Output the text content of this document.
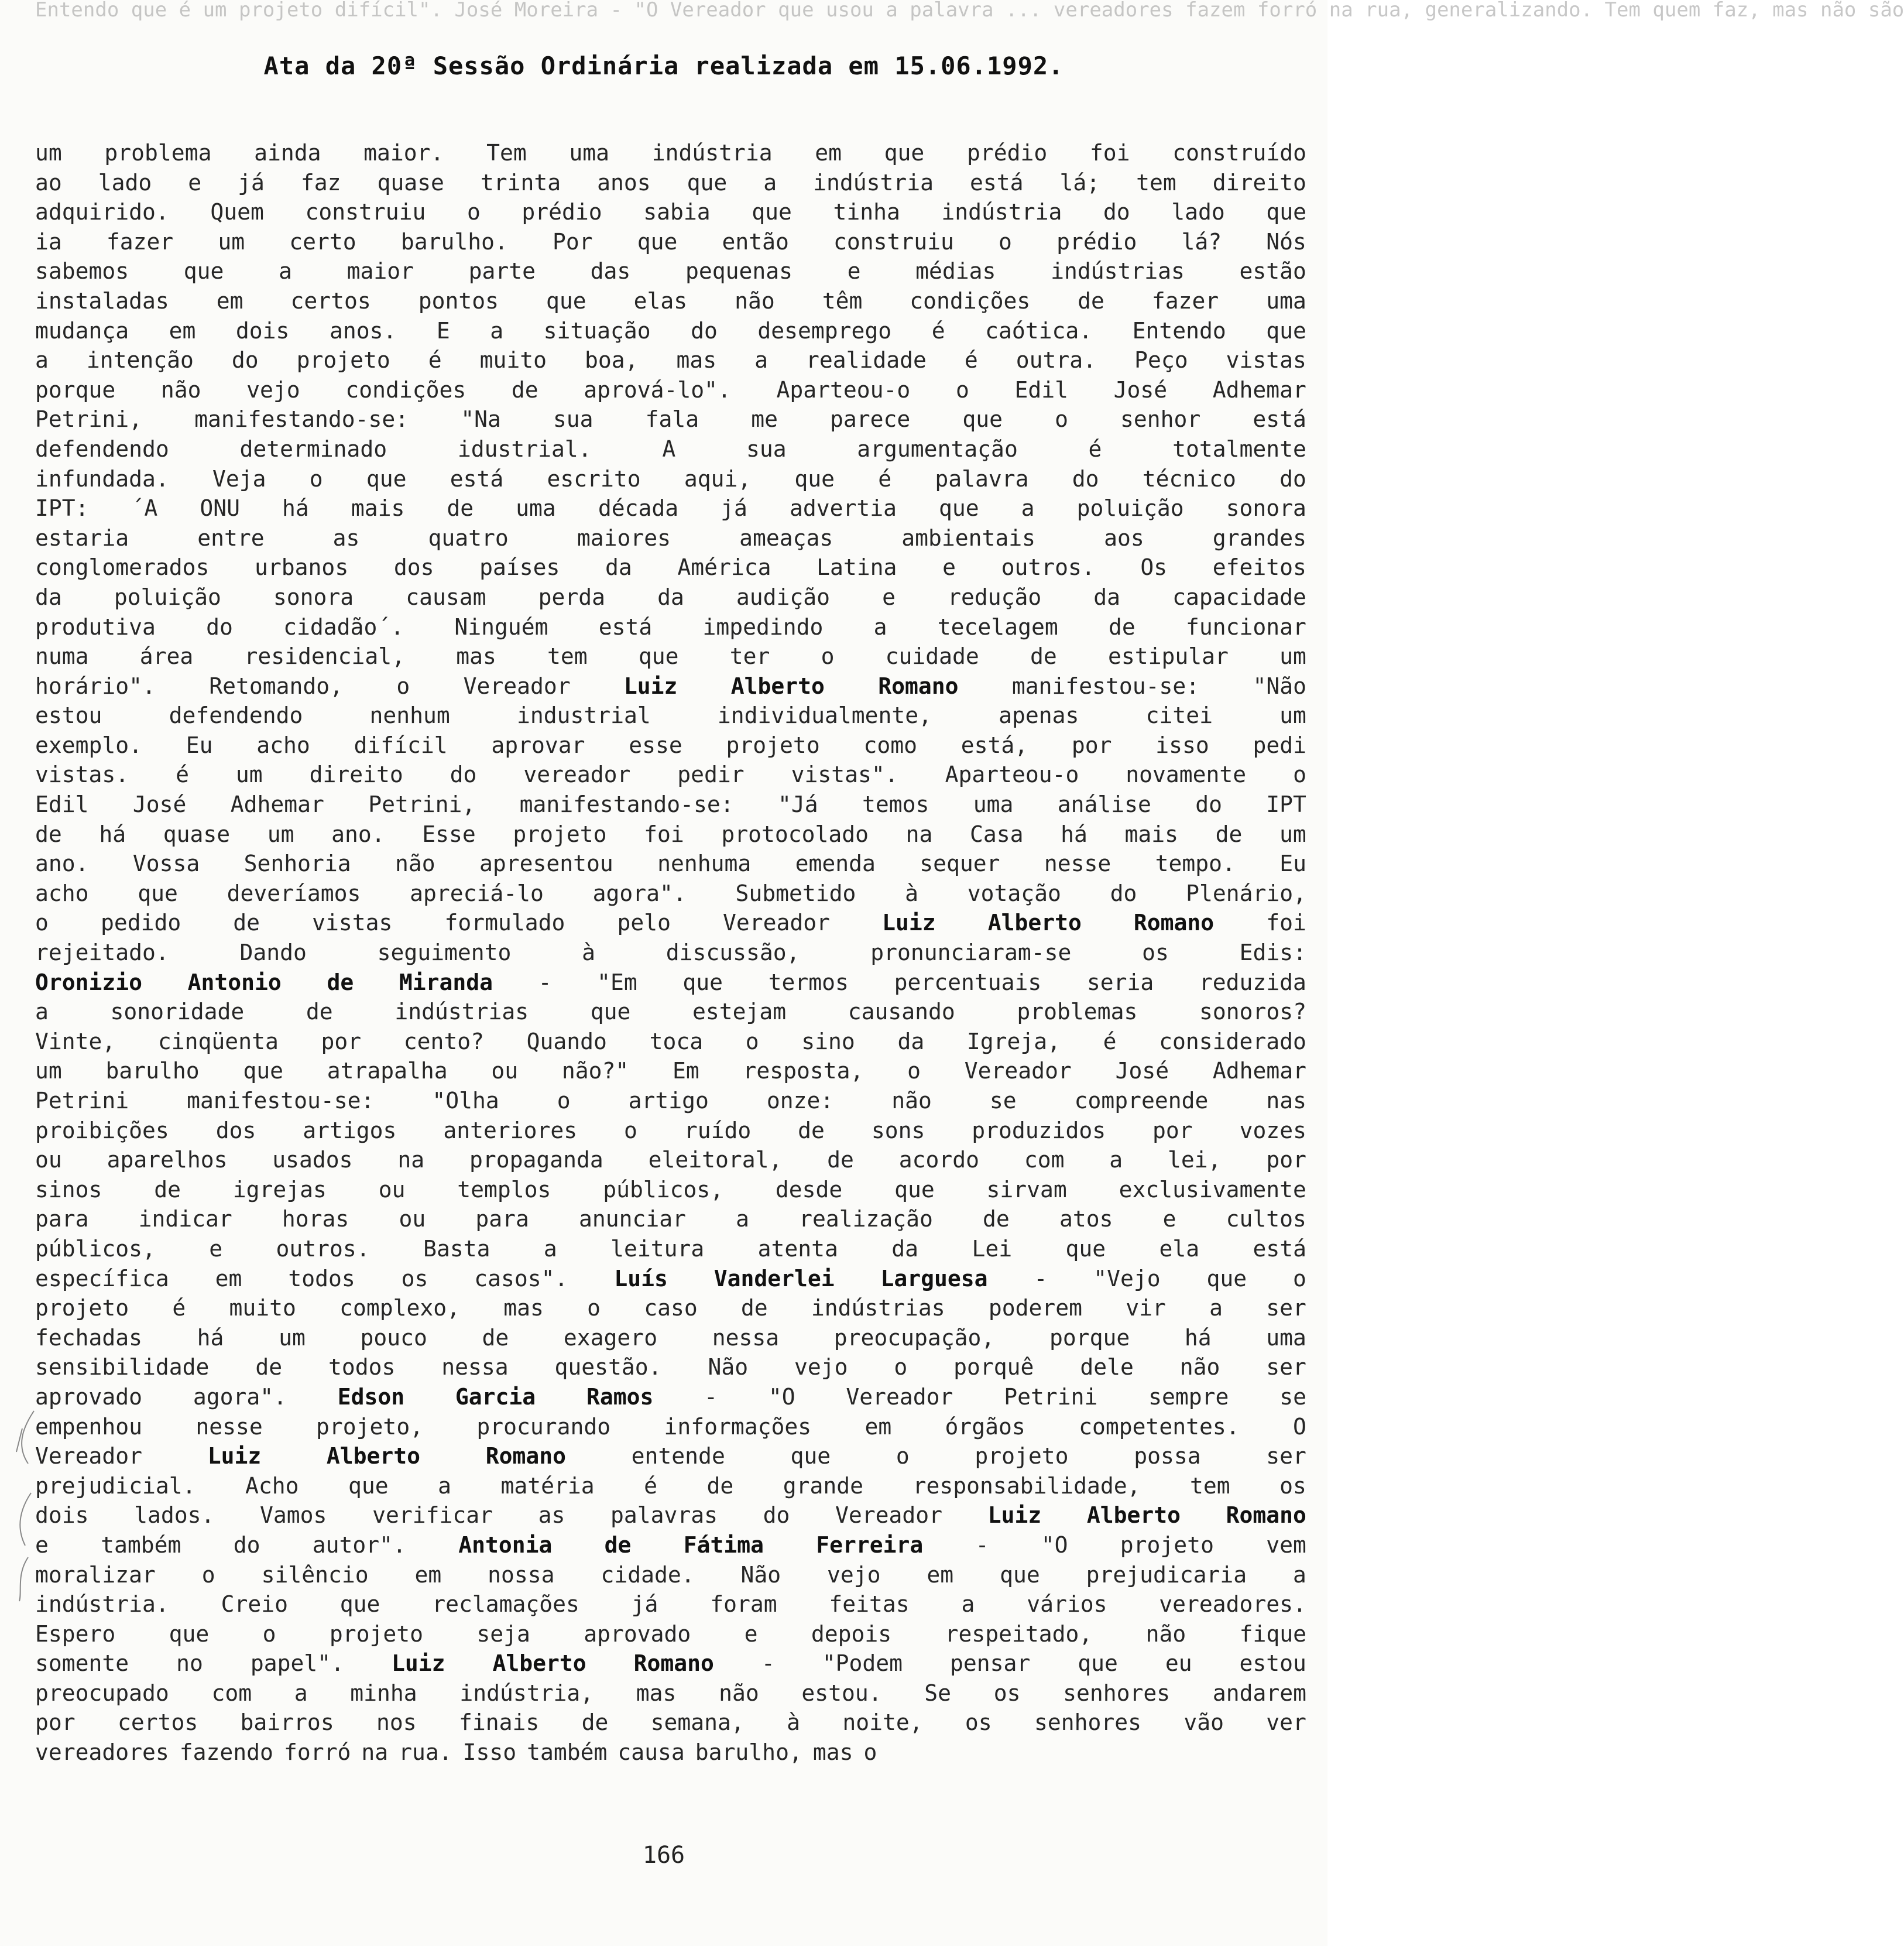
Entendo que é um projeto difícil". José Moreira - "O Vereador que usou a palavra ... vereadores fazem forró na rua, generalizando. Tem quem faz, mas não são
Ata da 20ª Sessão Ordinária realizada em 15.06.1992.
um problema ainda maior. Tem uma indústria em que prédio foi construído
ao lado e já faz quase trinta anos que a indústria está lá; tem direito
adquirido. Quem construiu o prédio sabia que tinha indústria do lado que
ia fazer um certo barulho. Por que então construiu o prédio lá? Nós
sabemos que a maior parte das pequenas e médias indústrias estão
instaladas em certos pontos que elas não têm condições de fazer uma
mudança em dois anos. E a situação do desemprego é caótica. Entendo que
a intenção do projeto é muito boa, mas a realidade é outra. Peço vistas
porque não vejo condições de aprová-lo". Aparteou-o o Edil José Adhemar
Petrini, manifestando-se: "Na sua fala me parece que o senhor está
defendendo	determinado	idustrial.	A	sua	argumentação	é	totalmente
infundada. Veja o que está escrito aqui, que é palavra do técnico do
IPT: ´A ONU há mais de uma década já advertia que a poluição sonora
estaria	entre	as	quatro	maiores	ameaças	ambientais	aos	grandes
conglomerados urbanos dos países da América Latina e outros. Os efeitos
da poluição sonora causam perda da audição e redução da capacidade
produtiva do cidadão´. Ninguém está impedindo a tecelagem de funcionar
numa área residencial, mas tem que ter o cuidade de estipular um
horário". Retomando, o Vereador Luiz Alberto Romano manifestou-se: "Não
estou	defendendo	nenhum	industrial	individualmente,	apenas	citei	um
exemplo. Eu acho difícil aprovar esse projeto como está, por isso pedi
vistas. é um direito do vereador pedir vistas". Aparteou-o novamente o
Edil José Adhemar Petrini, manifestando-se: "Já temos uma análise do IPT
de há quase um ano. Esse projeto foi protocolado na Casa há mais de um
ano. Vossa Senhoria não apresentou nenhuma emenda sequer nesse tempo. Eu
acho que deveríamos apreciá-lo agora". Submetido à votação do Plenário,
o pedido de vistas formulado pelo Vereador Luiz Alberto Romano foi
rejeitado.	Dando	seguimento	à	discussão,	pronunciaram-se	os	Edis:
Oronizio Antonio de Miranda - "Em que termos percentuais seria reduzida
a	sonoridade	de	indústrias	que	estejam	causando	problemas	sonoros?
Vinte, cinqüenta por cento? Quando toca o sino da Igreja, é considerado
um barulho que atrapalha ou não?" Em resposta, o Vereador José Adhemar
Petrini	manifestou-se:	"Olha	o	artigo	onze:	não	se	compreende	nas
proibições dos artigos anteriores o ruído de sons produzidos por vozes
ou aparelhos usados na propaganda eleitoral, de acordo com a lei, por
sinos de igrejas ou templos públicos, desde que sirvam exclusivamente
para indicar horas ou para anunciar a realização de atos e cultos
públicos, e outros. Basta a leitura atenta da Lei que ela está
específica em todos os casos". Luís Vanderlei Larguesa - "Vejo que o
projeto é muito complexo, mas o caso de indústrias poderem vir a ser
fechadas há um pouco de exagero nessa preocupação, porque há uma
sensibilidade de todos nessa questão. Não vejo o porquê dele não ser
aprovado agora". Edson Garcia Ramos - "O Vereador Petrini sempre se
empenhou nesse projeto, procurando informações em órgãos competentes. O
Vereador	Luiz	Alberto	Romano	entende	que	o	projeto	possa	ser
prejudicial. Acho que a matéria é de grande responsabilidade, tem os
dois lados. Vamos verificar as palavras do Vereador Luiz Alberto Romano
e também do autor". Antonia de Fátima Ferreira - "O projeto vem
moralizar o silêncio em nossa cidade. Não vejo em que prejudicaria a
indústria. Creio que reclamações já foram feitas a vários vereadores.
Espero que o projeto seja aprovado e depois respeitado, não fique
somente no papel". Luiz Alberto Romano - "Podem pensar que eu estou
preocupado com a minha indústria, mas não estou. Se os senhores andarem
por certos bairros nos finais de semana, à noite, os senhores vão ver
vereadores fazendo forró na rua. Isso também causa barulho, mas o
166
